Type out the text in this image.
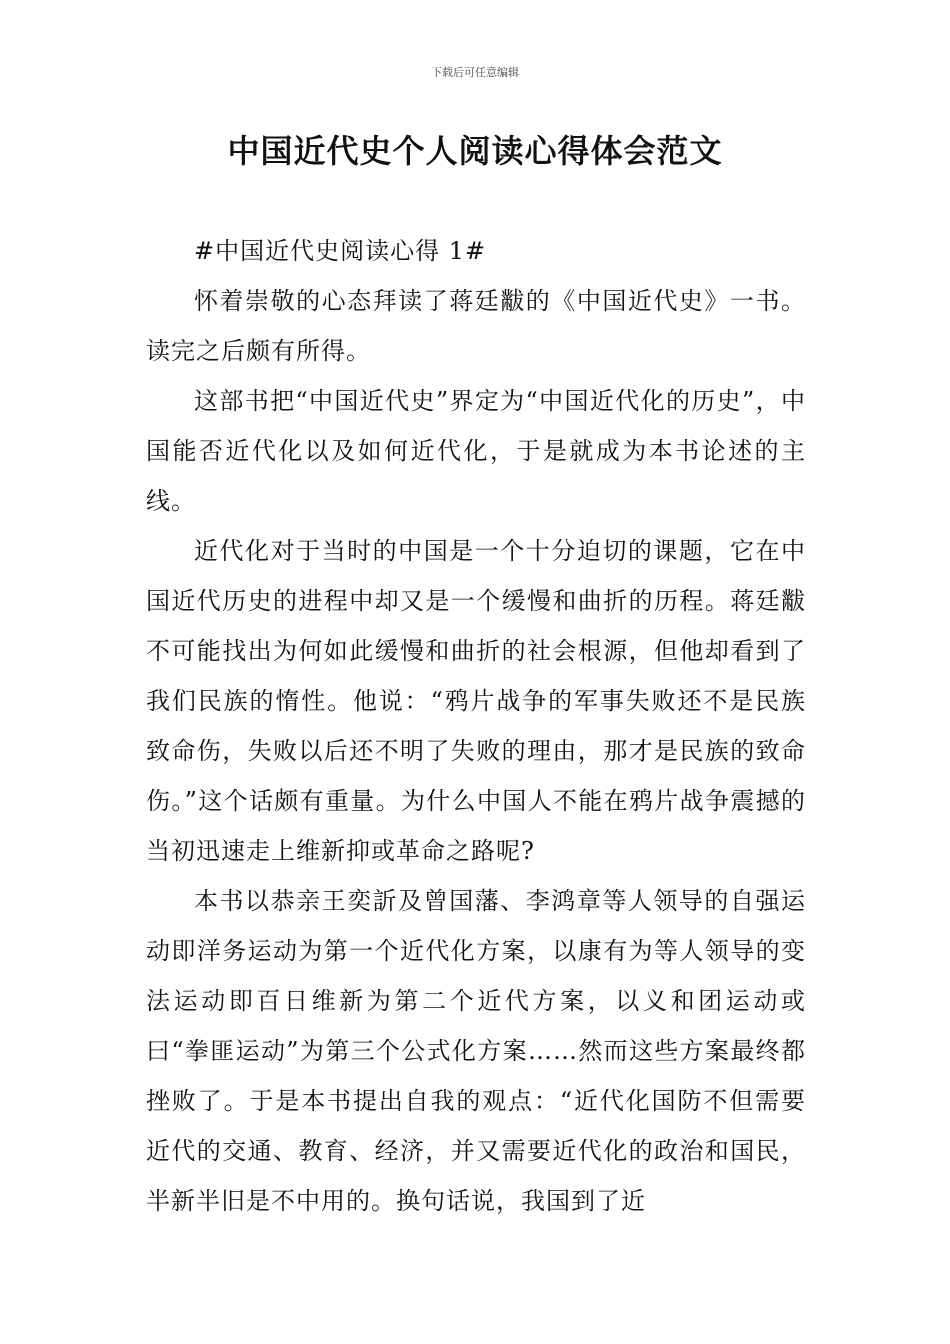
下载后可任意编辑
中国近代史个人阅读心得体会范文

#中国近代史阅读心得 1#

怀着崇敬的心态拜读了蒋廷黻的《中国近代史》一书。读完之后颇有所得。

这部书把“中国近代史”界定为“中国近代化的历史”，中国能否近代化以及如何近代化，于是就成为本书论述的主线。

近代化对于当时的中国是一个十分迫切的课题，它在中国近代历史的进程中却又是一个缓慢和曲折的历程。蒋廷黻不可能找出为何如此缓慢和曲折的社会根源，但他却看到了我们民族的惰性。他说：“鸦片战争的军事失败还不是民族致命伤，失败以后还不明了失败的理由，那才是民族的致命伤。”这个话颇有重量。为什么中国人不能在鸦片战争震撼的当初迅速走上维新抑或革命之路呢?

本书以恭亲王奕訢及曾国藩、李鸿章等人领导的自强运动即洋务运动为第一个近代化方案，以康有为等人领导的变法运动即百日维新为第二个近代方案，以义和团运动或曰“拳匪运动”为第三个公式化方案……然而这些方案最终都挫败了。于是本书提出自我的观点：“近代化国防不但需要近代的交通、教育、经济，并又需要近代化的政治和国民，半新半旧是不中用的。换句话说，我国到了近
